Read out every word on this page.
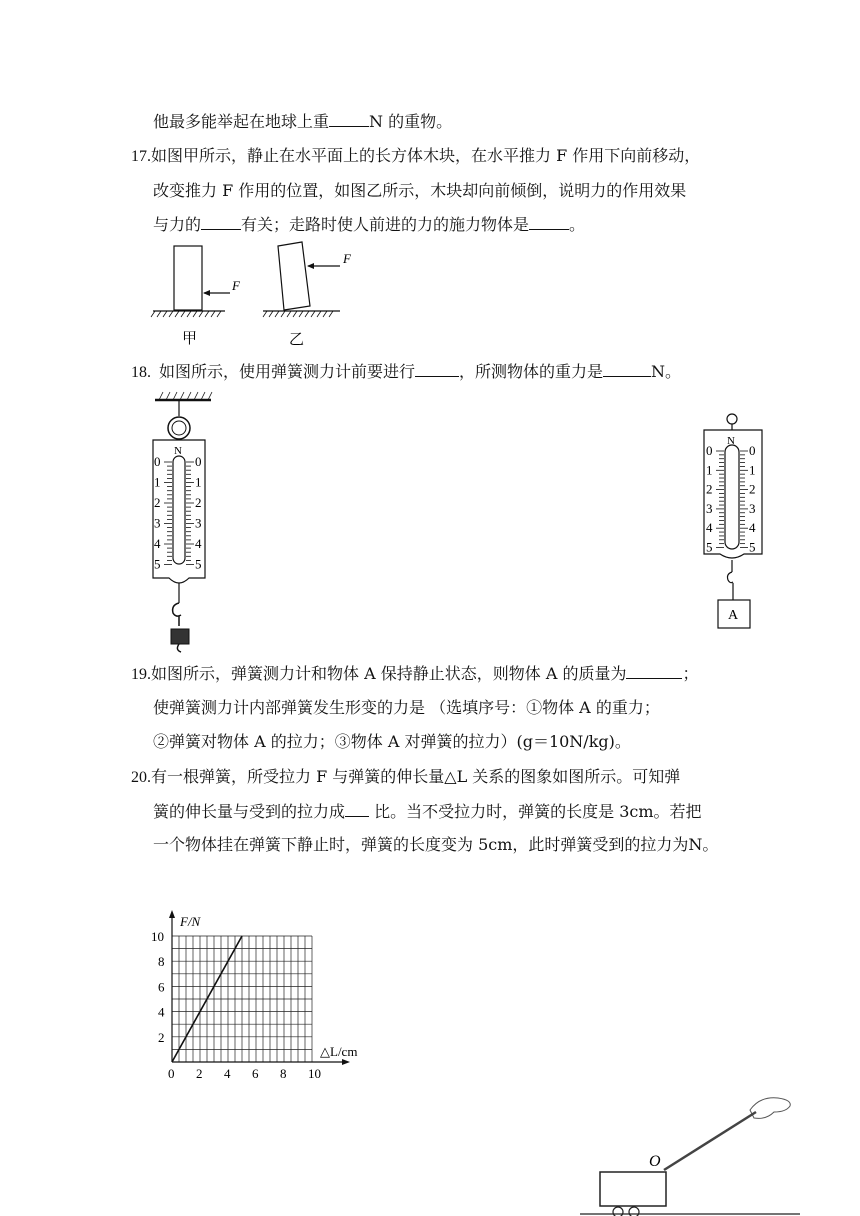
他最多能举起在地球上重	N 的重物。
17.如图甲所示，静止在水平面上的长方体木块，在水平推力 F 作用下向前移动，
改变推力 F 作用的位置，如图乙所示，木块却向前倾倒，说明力的作用效果
与力的	有关；走路时使人前进的力的施力物体是	。
F
甲
F
乙
18. 如图所示，使用弹簧测力计前要进行	，所测物体的重力是	N。
N
0	0
1	1
2	2
3	3
4	4
5	5
N
0	0
1	1
2	2
3	3
4	4
5	5
A
19.如图所示，弹簧测力计和物体 A 保持静止状态，则物体 A 的质量为	；
使弹簧测力计内部弹簧发生形变的力是 （选填序号：①物体 A 的重力；
②弹簧对物体 A 的拉力；③物体 A 对弹簧的拉力）(g＝10N/kg)。
20.有一根弹簧，所受拉力 F 与弹簧的伸长量△L 关系的图象如图所示。可知弹
簧的伸长量与受到的拉力成 比。当不受拉力时，弹簧的长度是 3cm。若把
一个物体挂在弹簧下静止时，弹簧的长度变为 5cm，此时弹簧受到的拉力为N。
0 2 4 6 8 10
2
4
6
8
10
F/N
△L/cm
O
